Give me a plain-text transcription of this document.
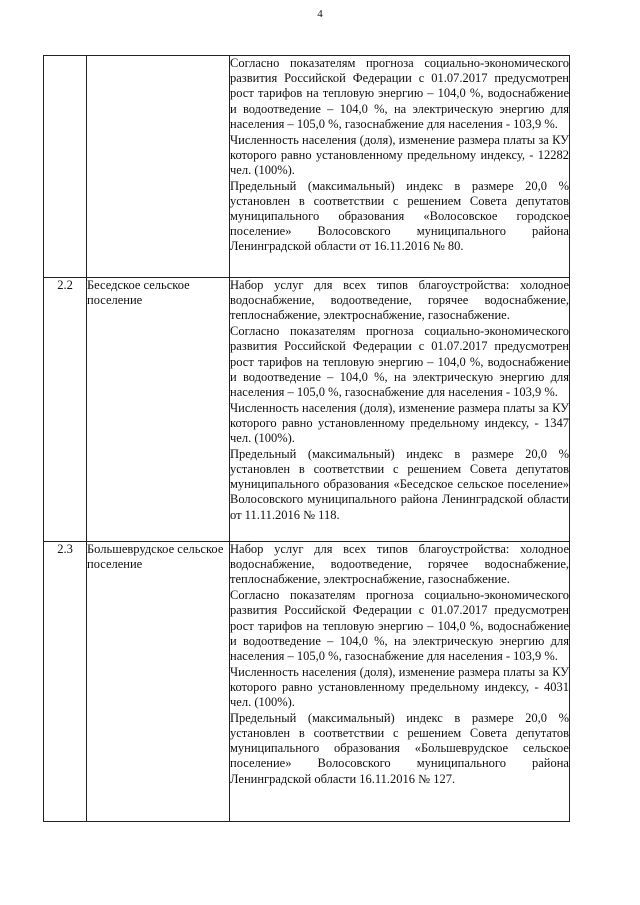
4

		Согласно показателям прогноза социально-экономического развития Российской Федерации с 01.07.2017 предусмотрен рост тарифов на тепловую энергию – 104,0 %, водоснабжение и водоотведение – 104,0 %, на электрическую энергию для населения – 105,0 %, газоснабжение для населения - 103,9 %.

Численность населения (доля), изменение размера платы за КУ которого равно установленному предельному индексу, - 12282 чел. (100%).

Предельный (максимальный) индекс в размере 20,0 % установлен в соответствии с решением Совета депутатов муниципального образования «Волосовское городское поселение» Волосовского муниципального района Ленинградской области от 16.11.2016 № 80.

2.2	Беседское сельское поселение	Набор услуг для всех типов благоустройства: холодное водоснабжение, водоотведение, горячее водоснабжение, теплоснабжение, электроснабжение, газоснабжение.

Согласно показателям прогноза социально-экономического развития Российской Федерации с 01.07.2017 предусмотрен рост тарифов на тепловую энергию – 104,0 %, водоснабжение и водоотведение – 104,0 %, на электрическую энергию для населения – 105,0 %, газоснабжение для населения - 103,9 %.

Численность населения (доля), изменение размера платы за КУ которого равно установленному предельному индексу, - 1347 чел. (100%).

Предельный (максимальный) индекс в размере 20,0 % установлен в соответствии с решением Совета депутатов муниципального образования «Беседское сельское поселение» Волосовского муниципального района Ленинградской области от 11.11.2016 № 118.

2.3	Большеврудское сельское поселение	Набор услуг для всех типов благоустройства: холодное водоснабжение, водоотведение, горячее водоснабжение, теплоснабжение, электроснабжение, газоснабжение.

Согласно показателям прогноза социально-экономического развития Российской Федерации с 01.07.2017 предусмотрен рост тарифов на тепловую энергию – 104,0 %, водоснабжение и водоотведение – 104,0 %, на электрическую энергию для населения – 105,0 %, газоснабжение для населения - 103,9 %.

Численность населения (доля), изменение размера платы за КУ которого равно установленному предельному индексу, - 4031 чел. (100%).

Предельный (максимальный) индекс в размере 20,0 % установлен в соответствии с решением Совета депутатов муниципального образования «Большеврудское сельское поселение» Волосовского муниципального района Ленинградской области 16.11.2016 № 127.
